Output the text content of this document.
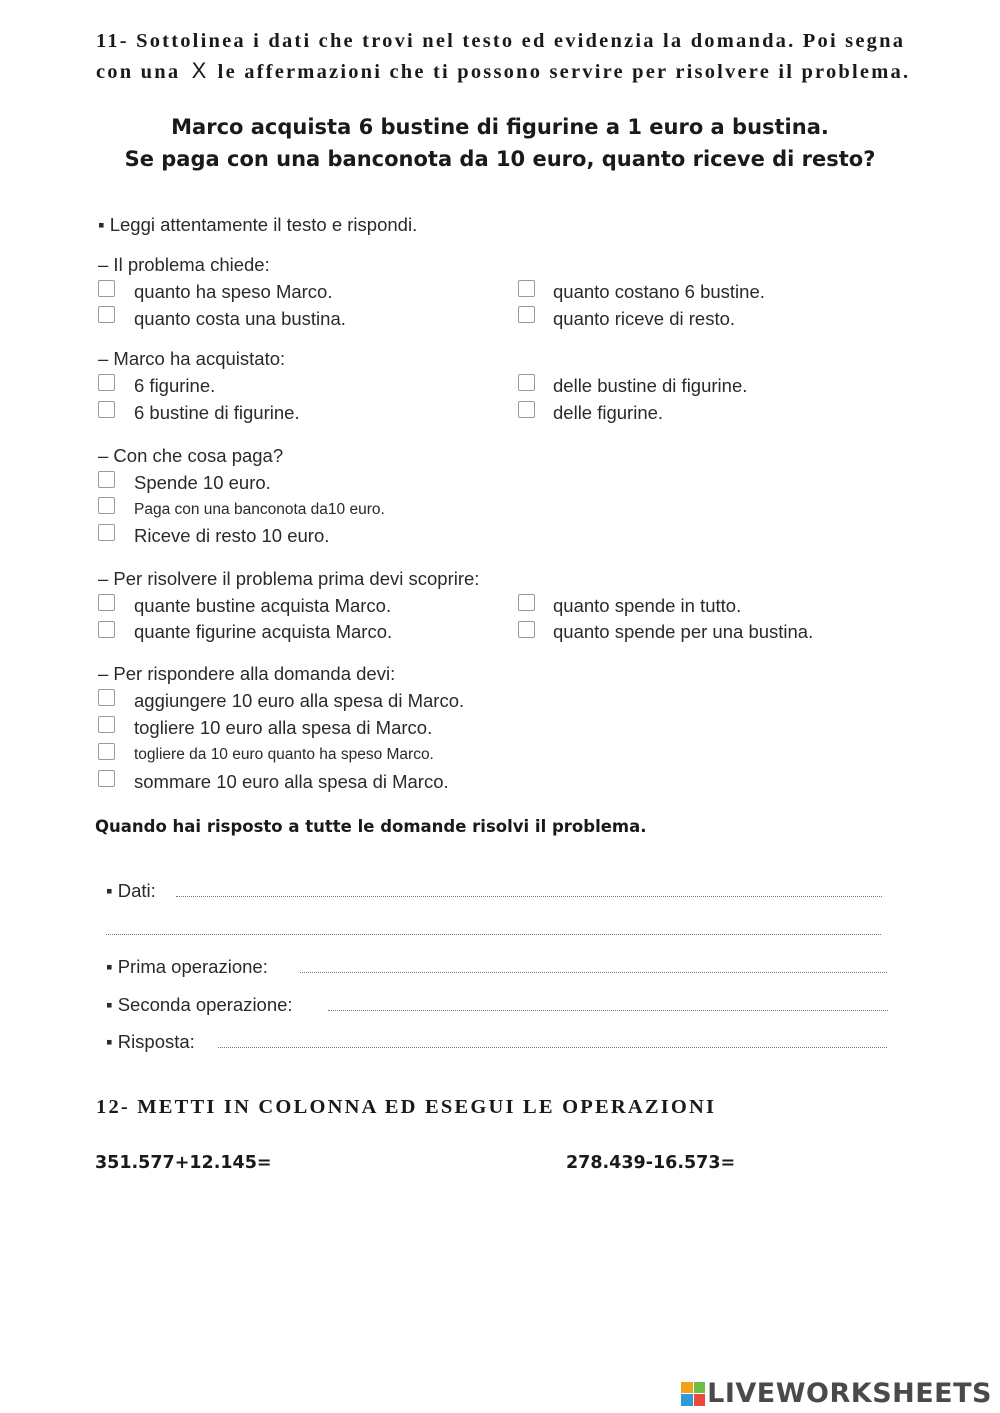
11- Sottolinea i dati che trovi nel testo ed evidenzia la domanda. Poi segna
con una X le affermazioni che ti possono servire per risolvere il problema.
Marco acquista 6 bustine di figurine a 1 euro a bustina.
Se paga con una banconota da 10 euro, quanto riceve di resto?
▪ Leggi attentamente il testo e rispondi.
– Il problema chiede:
quanto ha speso Marco.
quanto costa una bustina.
quanto costano 6 bustine.
quanto riceve di resto.
– Marco ha acquistato:
6 figurine.
6 bustine di figurine.
delle bustine di figurine.
delle figurine.
– Con che cosa paga?
Spende 10 euro.
Paga con una banconota da10 euro.
Riceve di resto 10 euro.
– Per risolvere il problema prima devi scoprire:
quante bustine acquista Marco.
quante figurine acquista Marco.
quanto spende in tutto.
quanto spende per una bustina.
– Per rispondere alla domanda devi:
aggiungere 10 euro alla spesa di Marco.
togliere 10 euro alla spesa di Marco.
togliere da 10 euro quanto ha speso Marco.
sommare 10 euro alla spesa di Marco.
Quando hai risposto a tutte le domande risolvi il problema.
▪ Dati:
▪ Prima operazione:
▪ Seconda operazione:
▪ Risposta:
12- METTI IN COLONNA ED ESEGUI LE OPERAZIONI
351.577+12.145=	278.439-16.573=
LIVEWORKSHEETS
